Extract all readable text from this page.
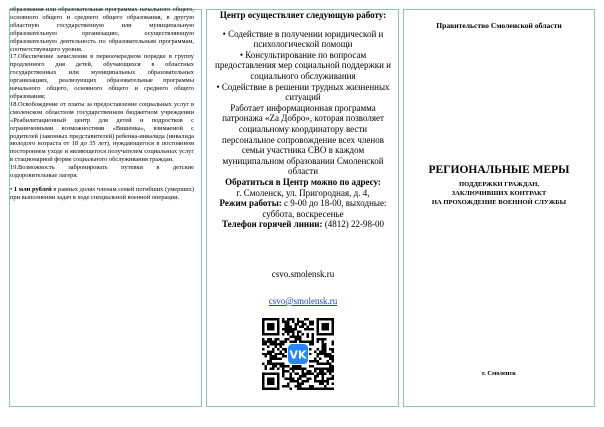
образования или образовательная программах начального общего, основного общего и среднего общего образования, в другую областную государственную или муниципальную образовательную организацию, осуществляющую образовательную деятельность по образовательным программам, соответствующего уровня.

17.Обеспечение зачисления в первоочередном порядке в группу продленного дня детей, обучающихся в областных государственных или муниципальных образовательных организациях, реализующих образовательные программы начального общего, основного общего и среднего общего образования;

18.Освобождение от платы за предоставление социальных услуг в смоленском областном государственном бюджетном учреждении «Реабилитационный центр для детей и подростков с ограниченными возможностями «Вишенка», взимаемой с родителей (законных представителей) ребенка-инвалида (инвалида молодого возраста от 18 до 35 лет), нуждающегося в постоянном постороннем уходе и являющегося получателем социальных услуг в стационарной форме социального обслуживания граждан.

19.Возможность забронировать путевки в детские оздоровительные лагеря.

• 1 млн рублей в равных долях членам семей погибших (умерших) при выполнении задач в ходе специальной военной операции.

Центр осуществляет следующую работу:

• Содействие в получении юридической и психологической помощи

• Консультирование по вопросам предоставления мер социальной поддержки и социального обслуживания

• Содействие в решении трудных жизненных ситуаций

Работает информационная программа патронажа «Za Добро», которая позволяет социальному координатору вести персональное сопровождение всех членов семьи участника СВО в каждом муниципальном образовании Смоленской области

Обратиться в Центр можно по адресу:

г. Смоленск, ул. Пригородная, д. 4,

Режим работы: с 9-00 до 18-00, выходные: суббота, воскресенье

Телефон горячей линии: (4812) 22-98-00

csvo.smolensk.ru

csvo@smolensk.ru

VK
Правительство Смоленской области
РЕГИОНАЛЬНЫЕ МЕРЫ
ПОДДЕРЖКИ ГРАЖДАН,
ЗАКЛЮЧИВШИХ КОНТРАКТ
НА ПРОХОЖДЕНИЕ ВОЕННОЙ СЛУЖБЫ
г. Смоленск
